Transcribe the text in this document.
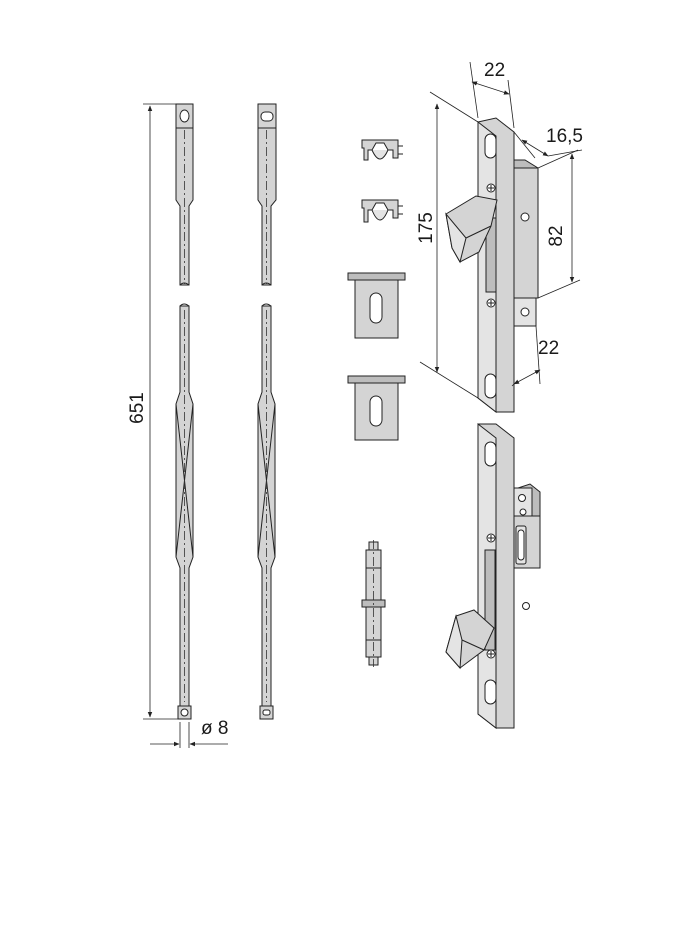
651
ø 8
22
16,5
175	82
22
